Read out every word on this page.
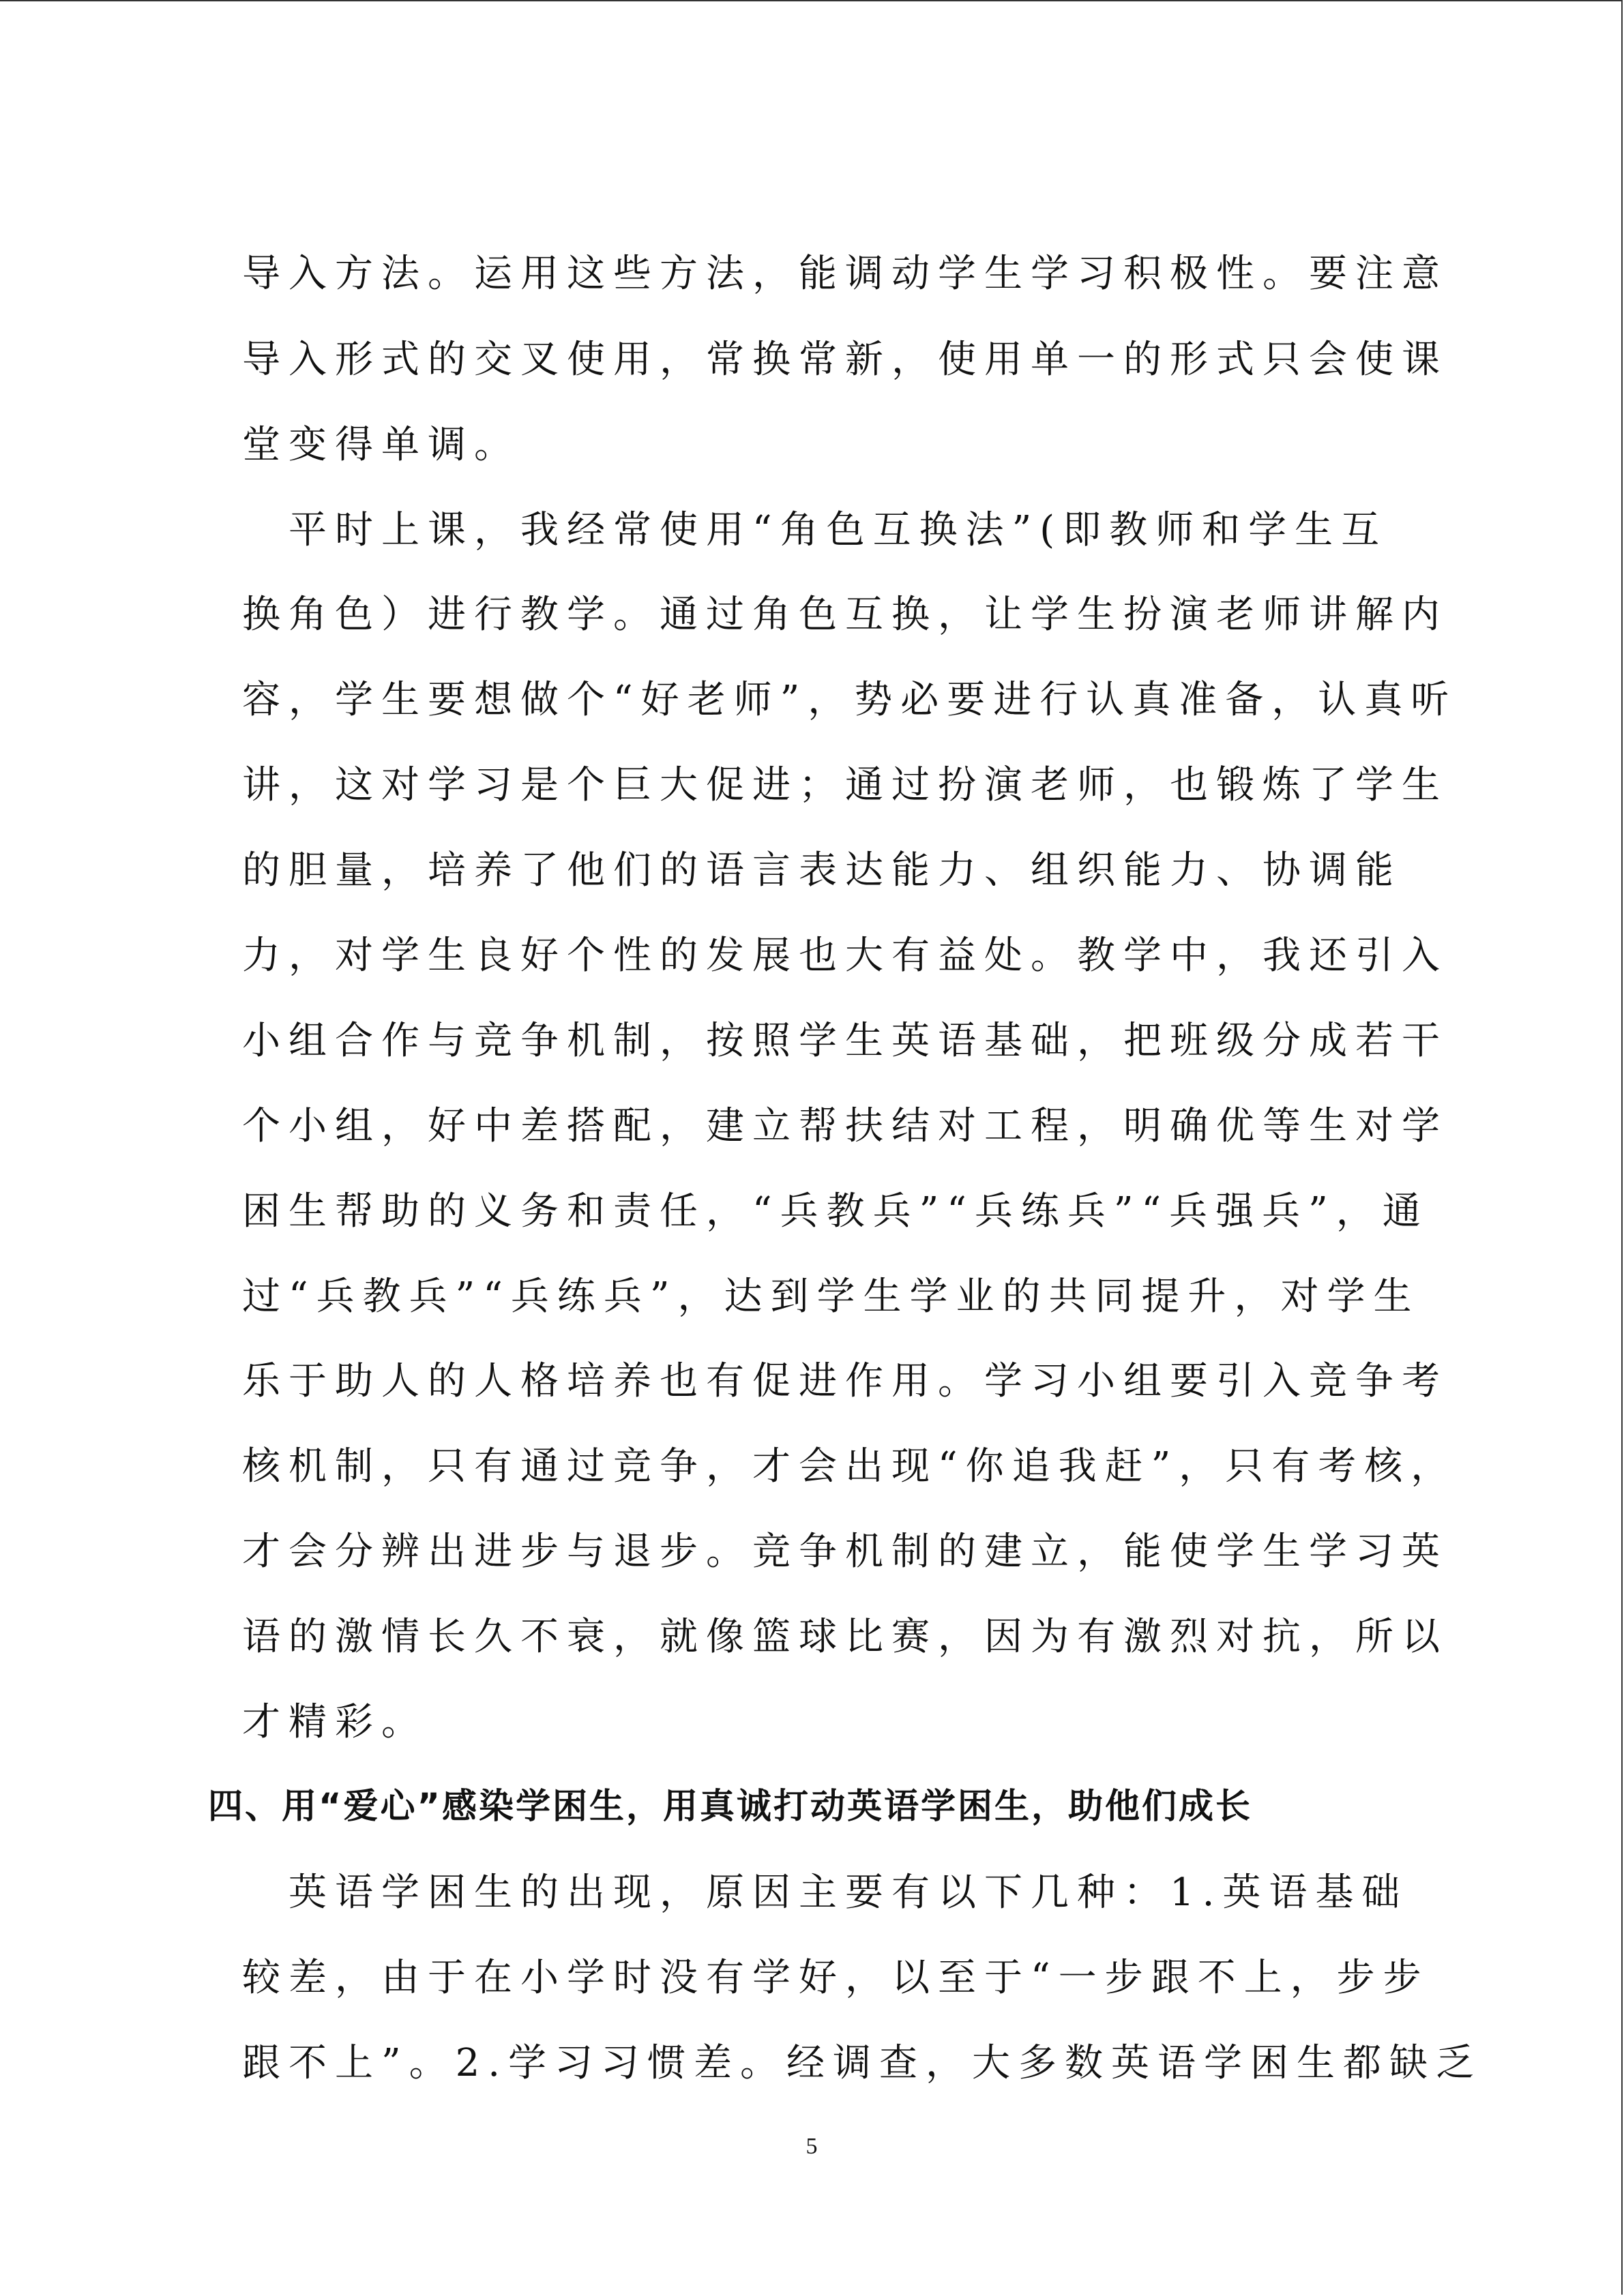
导入方法。运用这些方法，能调动学生学习积极性。要注意
导入形式的交叉使用，常换常新，使用单一的形式只会使课
堂变得单调。
　平时上课，我经常使用“角色互换法”(即教师和学生互
换角色）进行教学。通过角色互换，让学生扮演老师讲解内
容，学生要想做个“好老师”，势必要进行认真准备，认真听
讲，这对学习是个巨大促进；通过扮演老师，也锻炼了学生
的胆量，培养了他们的语言表达能力、组织能力、协调能
力，对学生良好个性的发展也大有益处。教学中，我还引入
小组合作与竞争机制，按照学生英语基础，把班级分成若干
个小组，好中差搭配，建立帮扶结对工程，明确优等生对学
困生帮助的义务和责任，“兵教兵”“兵练兵”“兵强兵”，通
过“兵教兵”“兵练兵”，达到学生学业的共同提升，对学生
乐于助人的人格培养也有促进作用。学习小组要引入竞争考
核机制，只有通过竞争，才会出现“你追我赶”，只有考核，
才会分辨出进步与退步。竞争机制的建立，能使学生学习英
语的激情长久不衰，就像篮球比赛，因为有激烈对抗，所以
才精彩。
四、用“爱心”感染学困生，用真诚打动英语学困生，助他们成长
　英语学困生的出现，原因主要有以下几种：1.英语基础
较差，由于在小学时没有学好，以至于“一步跟不上，步步
跟不上”。2.学习习惯差。经调查，大多数英语学困生都缺乏
5
